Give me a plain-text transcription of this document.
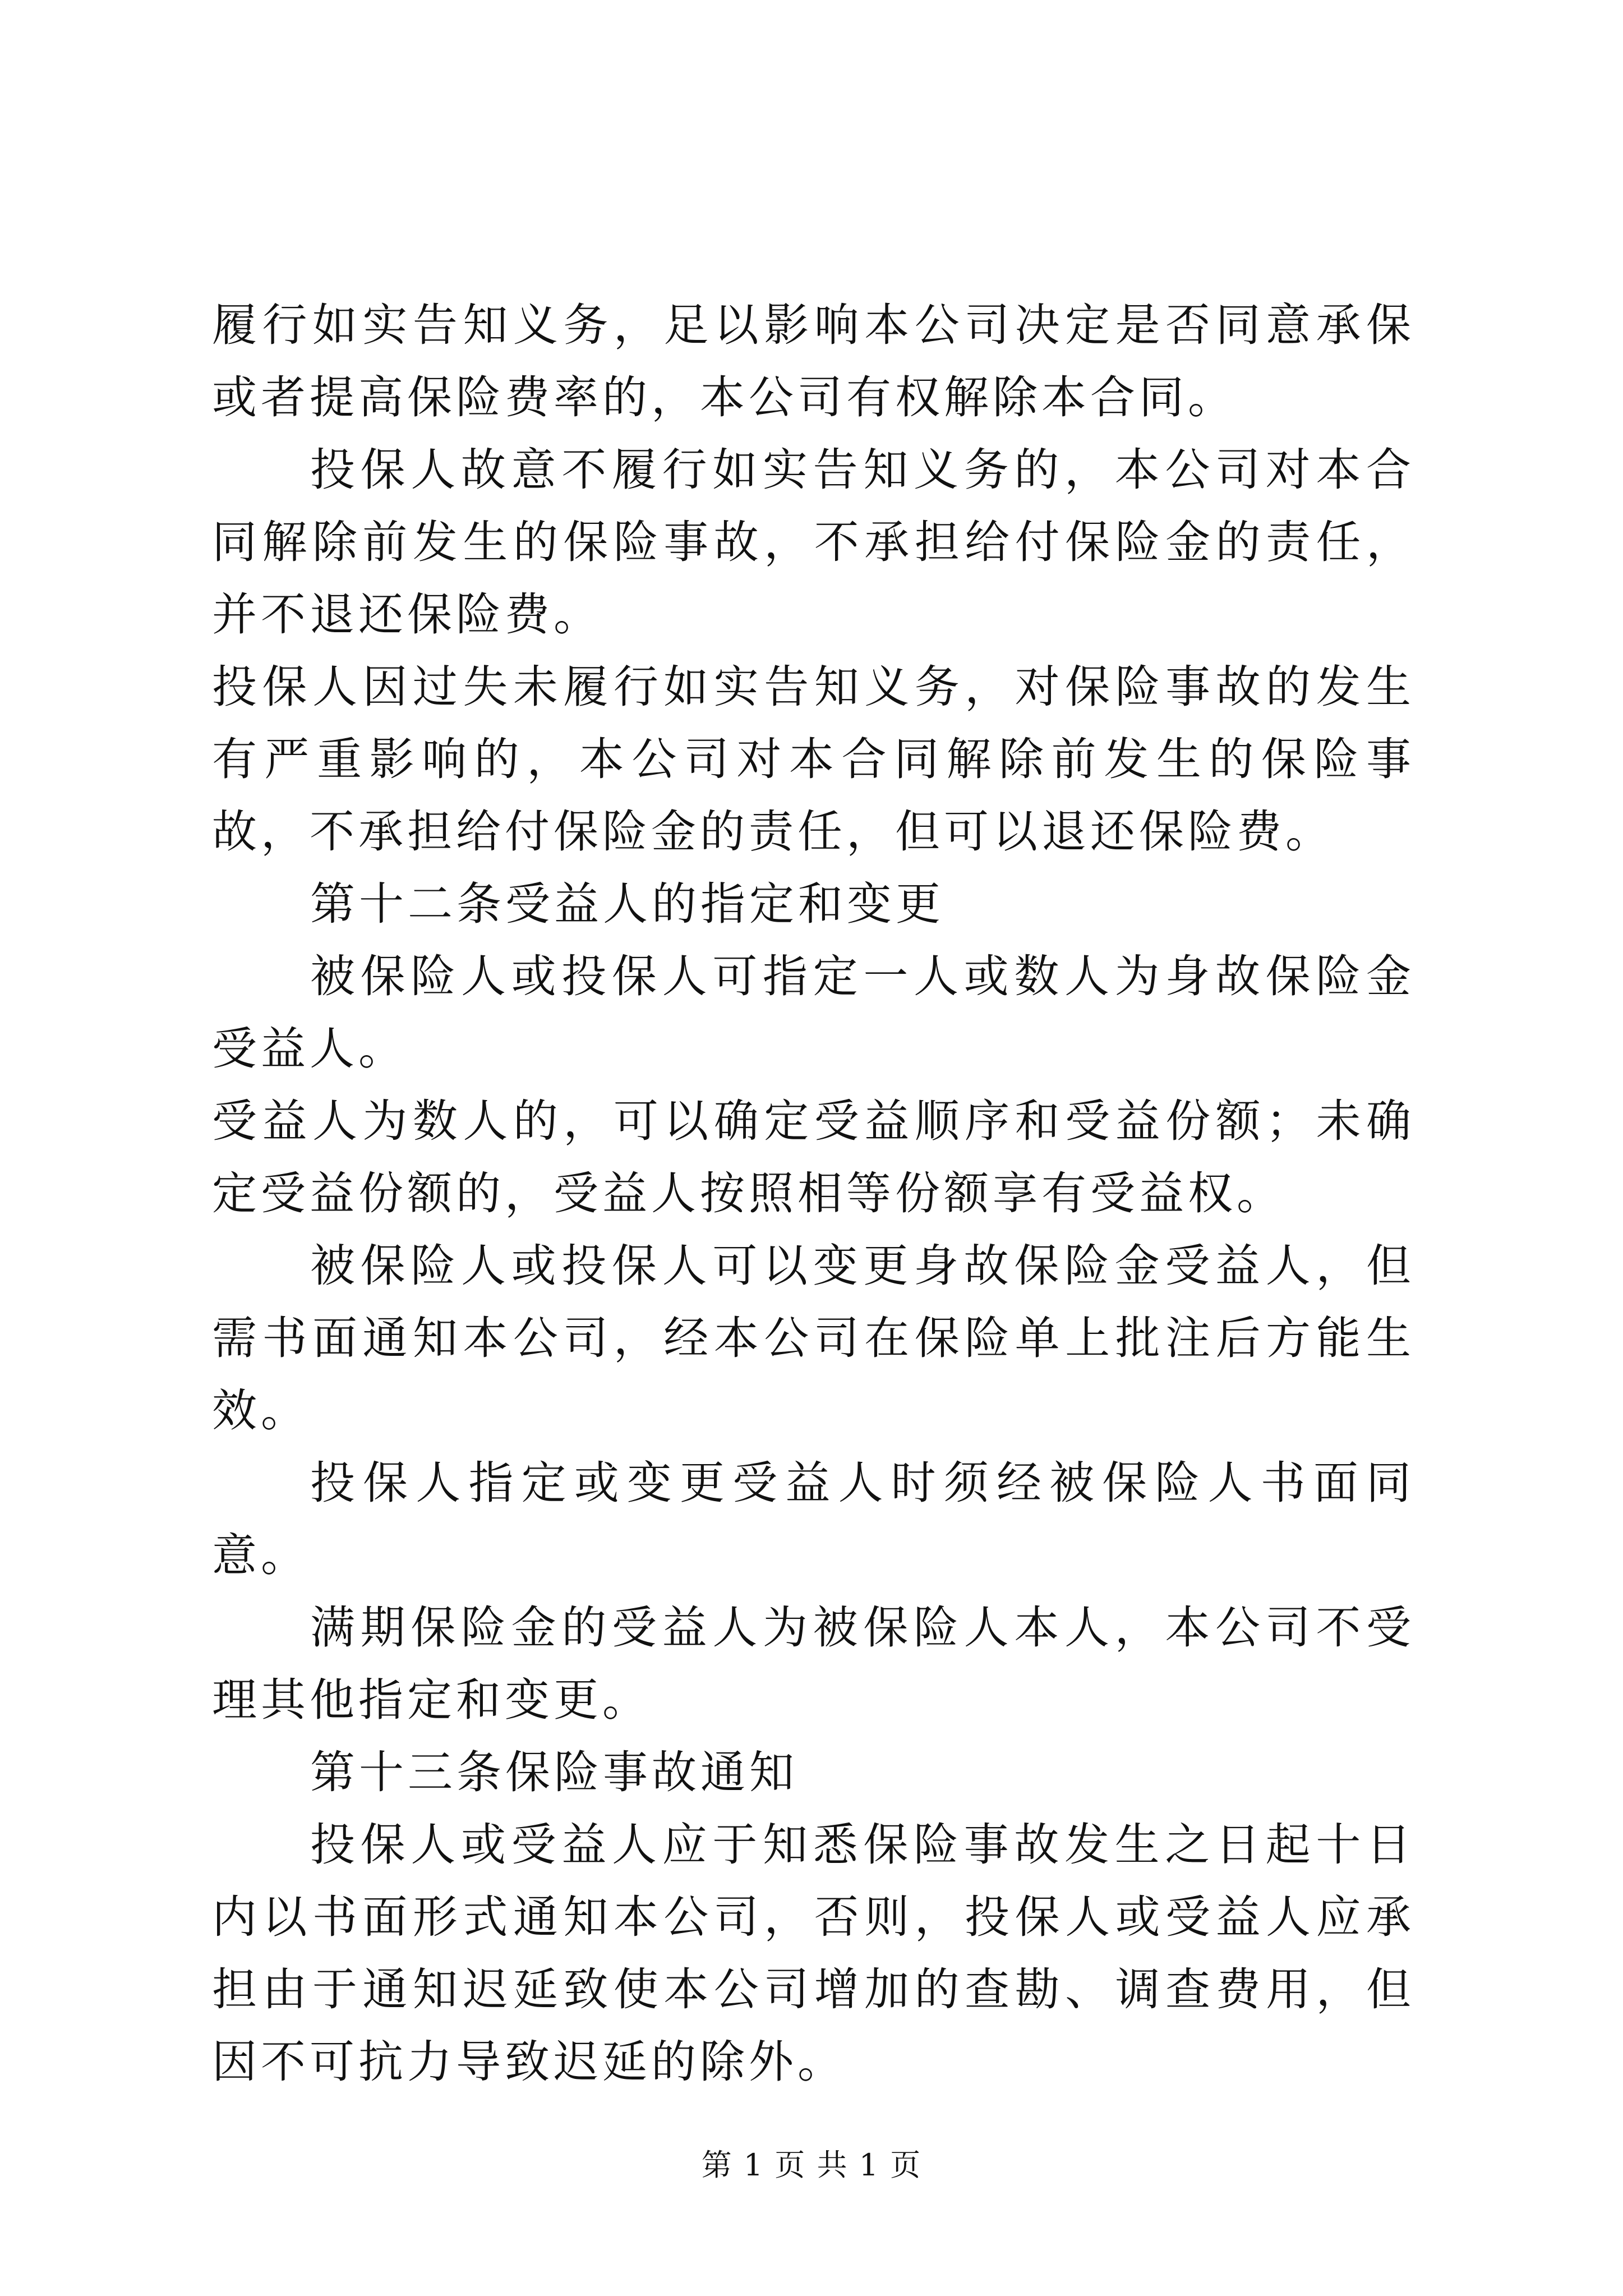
履行如实告知义务，足以影响本公司决定是否同意承保或者提高保险费率的，本公司有权解除本合同。

投保人故意不履行如实告知义务的，本公司对本合同解除前发生的保险事故，不承担给付保险金的责任，并不退还保险费。

投保人因过失未履行如实告知义务，对保险事故的发生有严重影响的，本公司对本合同解除前发生的保险事故，不承担给付保险金的责任，但可以退还保险费。

第十二条受益人的指定和变更

被保险人或投保人可指定一人或数人为身故保险金受益人。

受益人为数人的，可以确定受益顺序和受益份额；未确定受益份额的，受益人按照相等份额享有受益权。

被保险人或投保人可以变更身故保险金受益人，但需书面通知本公司，经本公司在保险单上批注后方能生效。

投保人指定或变更受益人时须经被保险人书面同意。

满期保险金的受益人为被保险人本人，本公司不受理其他指定和变更。

第十三条保险事故通知

投保人或受益人应于知悉保险事故发生之日起十日内以书面形式通知本公司，否则，投保人或受益人应承担由于通知迟延致使本公司增加的查勘、调查费用，但因不可抗力导致迟延的除外。

第 1 页 共 1 页
